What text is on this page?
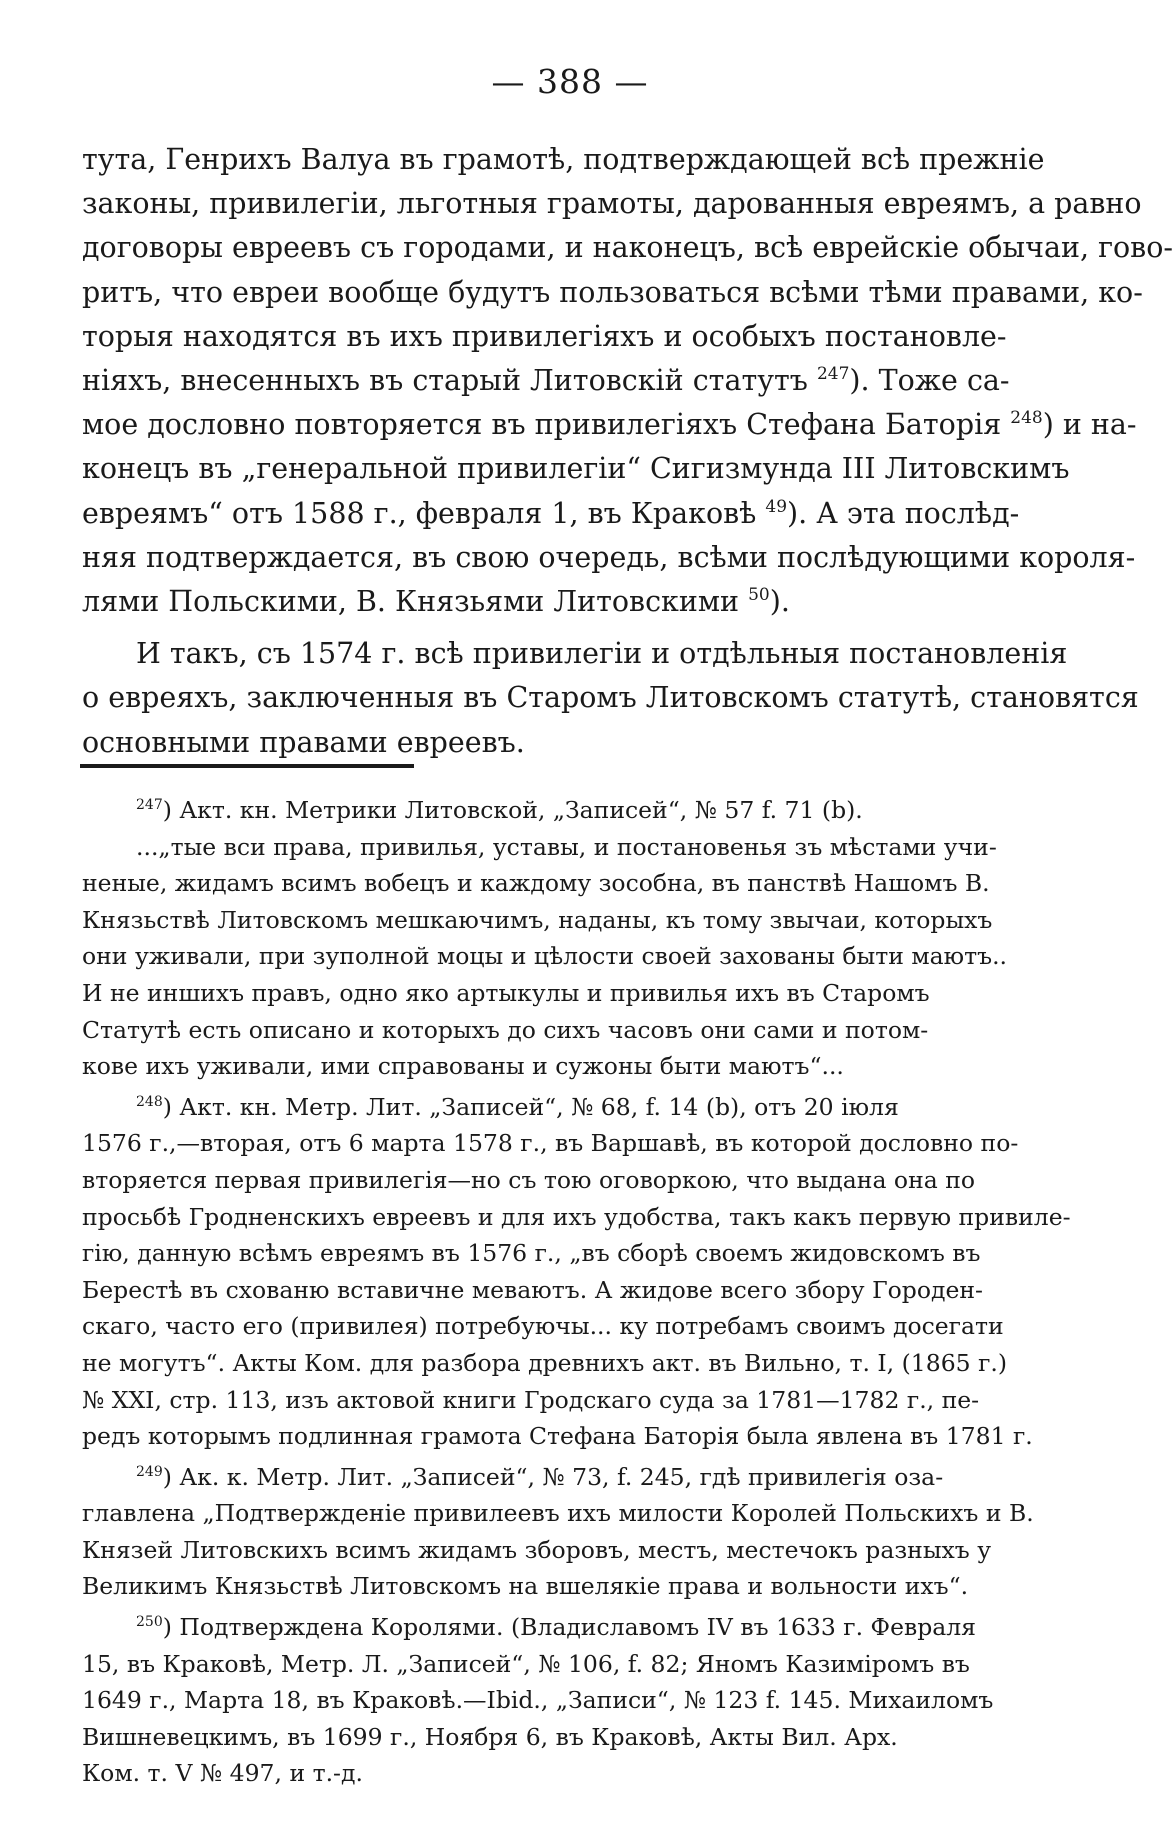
— 388 —

тута, Генрихъ Валуа въ грамотѣ, подтверждающей всѣ прежніе
законы, привилегіи, льготныя грамоты, дарованныя евреямъ, а равно
договоры евреевъ съ городами, и наконецъ, всѣ еврейскіе обычаи, гово-
ритъ, что евреи вообще будутъ пользоваться всѣми тѣми правами, ко-
торыя находятся въ ихъ привилегіяхъ и особыхъ постановле-
ніяхъ, внесенныхъ въ старый Литовскій статутъ $^{247}$). Тоже са-
мое дословно повторяется въ привилегіяхъ Стефана Баторія $^{248}$) и на-
конецъ въ „генеральной привилегіи“ Сигизмунда III Литовскимъ
евреямъ“ отъ 1588 г., февраля 1, въ Краковѣ $^{49}$). А эта послѣд-
няя подтверждается, въ свою очередь, всѣми послѣдующими короля-
лями Польскими, В. Князьями Литовскими $^{50}$).

И такъ, съ 1574 г. всѣ привилегіи и отдѣльныя постановленія
о евреяхъ, заключенныя въ Старомъ Литовскомъ статутѣ, становятся
основными правами евреевъ.

$^{247}$) Акт. кн. Метрики Литовской, „Записей“, № 57 f. 71 (b).
...„тые вси права, привилья, уставы, и постановенья зъ мѣстами учи-
неные, жидамъ всимъ вобецъ и каждому зособна, въ панствѣ Нашомъ В.
Князьствѣ Литовскомъ мешкаючимъ, наданы, къ тому звычаи, которыхъ
они уживали, при зуполной моцы и цѣлости своей захованы быти маютъ..
И не иншихъ правъ, одно яко артыкулы и привилья ихъ въ Старомъ
Статутѣ есть описано и которыхъ до сихъ часовъ они сами и потом-
кове ихъ уживали, ими справованы и сужоны быти маютъ“...

$^{248}$) Акт. кн. Метр. Лит. „Записей“, № 68, f. 14 (b), отъ 20 іюля
1576 г.,—вторая, отъ 6 марта 1578 г., въ Варшавѣ, въ которой дословно по-
вторяется первая привилегія—но съ тою оговоркою, что выдана она по
просьбѣ Гродненскихъ евреевъ и для ихъ удобства, такъ какъ первую привиле-
гію, данную всѣмъ евреямъ въ 1576 г., „въ сборѣ своемъ жидовскомъ въ
Берестѣ въ схованю вставичне меваютъ. А жидове всего збору Городен-
скаго, часто его (привилея) потребуючы... ку потребамъ своимъ досегати
не могутъ“. Акты Ком. для разбора древнихъ акт. въ Вильно, т. I, (1865 г.)
№ XXI, стр. 113, изъ актовой книги Гродскаго суда за 1781—1782 г., пе-
редъ которымъ подлинная грамота Стефана Баторія была явлена въ 1781 г.

$^{249}$) Ак. к. Метр. Лит. „Записей“, № 73, f. 245, гдѣ привилегія оза-
главлена „Подтвержденіе привилеевъ ихъ милости Королей Польскихъ и В.
Князей Литовскихъ всимъ жидамъ зборовъ, местъ, местечокъ разныхъ у
Великимъ Князьствѣ Литовскомъ на вшелякіе права и вольности ихъ“.

$^{250}$) Подтверждена Королями. (Владиславомъ IV въ 1633 г. Февраля
15, въ Краковѣ, Метр. Л. „Записей“, № 106, f. 82; Яномъ Казиміромъ въ
1649 г., Марта 18, въ Краковѣ.—Ibid., „Записи“, № 123 f. 145. Михаиломъ
Вишневецкимъ, въ 1699 г., Ноября 6, въ Краковѣ, Акты Вил. Арх.
Ком. т. V № 497, и т.-д.
